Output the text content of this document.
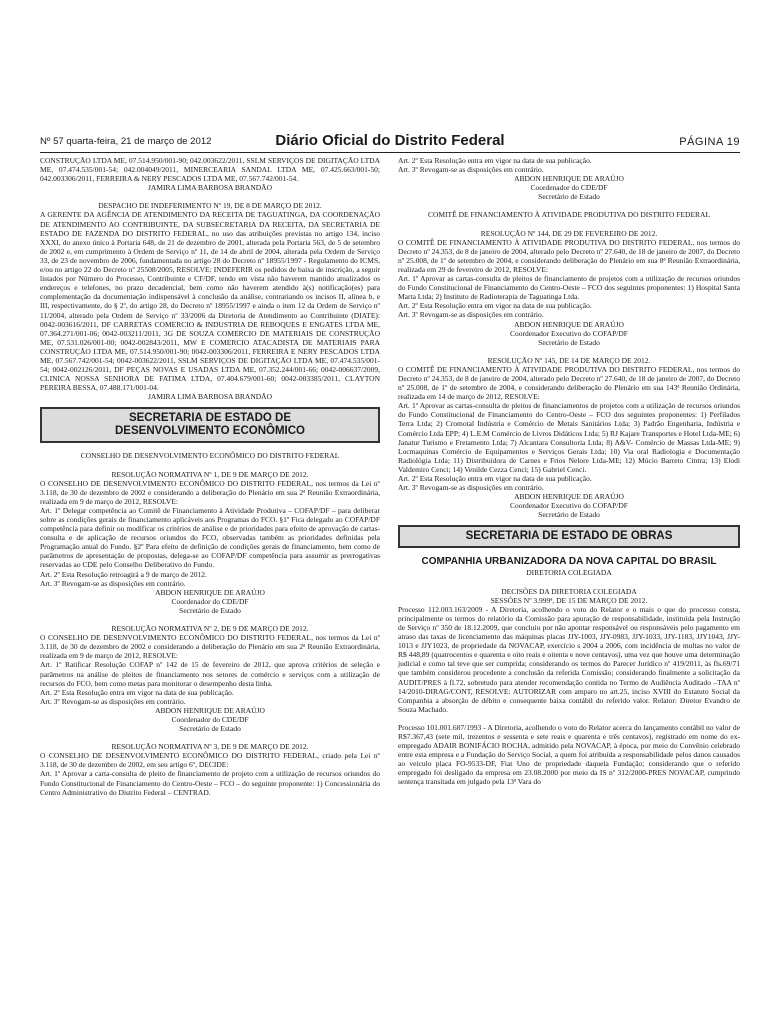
Nº 57 quarta-feira, 21 de março de 2012	Diário Oficial do Distrito Federal	PÁGINA 19

CONSTRUÇÃO LTDA ME, 07.514.950/001-90; 042.003622/2011, SSLM SERVIÇOS DE DIGITAÇÃO LTDA ME, 07.474.535/001-54; 042.004049/2011, MINERCEARIA SANDAL LTDA ME, 07.425.663/001-50; 042.003306/2011, FERREIRA & NERY PESCADOS LTDA ME, 07.567.742/001-54.

JAMIRA LIMA BARBOSA BRANDÃO

DESPACHO DE INDEFERIMENTO Nº 19, DE 8 DE MARÇO DE 2012.

A GERENTE DA AGÊNCIA DE ATENDIMENTO DA RECEITA DE TAGUATINGA, DA COORDENAÇÃO DE ATENDIMENTO AO CONTRIBUINTE, DA SUBSECRETARIA DA RECEITA, DA SECRETARIA DE ESTADO DE FAZENDA DO DISTRITO FEDERAL, no uso das atribuições previstas no artigo 134, inciso XXXI, do anexo único à Portaria 648, de 21 de dezembro de 2001, alterada pela Portaria 563, de 5 de setembro de 2002 e, em cumprimento à Ordem de Serviço nº 11, de 14 de abril de 2004, alterada pela Ordem de Serviço 33, de 23 de novembro de 2006, fundamentada no artigo 28 do Decreto nº 18955/1997 - Regulamento do ICMS, e/ou no artigo 22 do Decreto nº 25508/2005, RESOLVE: INDEFERIR os pedidos de baixa de inscrição, a seguir listados por Número do Processo, Contribuinte e CF/DF, tendo em vista não haverem mantido atualizados os endereços e telefones, no prazo decadencial, bem como não haverem atendido à(s) notificação(es) para complementação da documentação indispensável à conclusão da análise, contrariando os incisos II, alínea b, e III, respectivamente, do § 2º, do artigo 28, do Decreto nº 18955/1997 e ainda o item 12 da Ordem de Serviço nº 11/2004, alterado pela Ordem de Serviço nº 33/2006 da Diretoria de Atendimento ao Contribuinte (DIATE): 0042-003616/2011, DF CARRETAS COMERCIO & INDUSTRIA DE REBOQUES E ENGATES LTDA ME, 07.364.271/001-06; 0042-003211/2011, 3G DE SOUZA COMERCIO DE MATERIAIS DE CONSTRUÇÃO ME, 07.531.026/001-00; 0042-002843/2011, MW E COMERCIO ATACADISTA DE MATERIAIS PARA CONSTRUÇÃO LTDA ME, 07.514.950/001-90; 0042-003306/2011, FERREIRA E NERY PESCADOS LTDA ME, 07.567.742/001-54; 0042-003622/2011, SSLM SERVIÇOS DE DIGITAÇÃO LTDA ME, 07.474.535/001-54; 0042-002126/2011, DF PEÇAS NOVAS E USADAS LTDA ME, 07.352.244/001-66; 0042-006637/2009, CLINICA NOSSA SENHORA DE FATIMA LTDA, 07.404.679/001-60; 0042-003385/2011, CLAYTON PEREIRA BESSA, 07.488.171/001-04.

JAMIRA LIMA BARBOSA BRANDÃO

SECRETARIA DE ESTADO DE
DESENVOLVIMENTO ECONÔMICO

CONSELHO DE DESENVOLVIMENTO ECONÔMICO DO DISTRITO FEDERAL

RESOLUÇÃO NORMATIVA Nº 1, DE 9 DE MARÇO DE 2012.

O CONSELHO DE DESENVOLVIMENTO ECONÔMICO DO DISTRITO FEDERAL, nos termos da Lei nº 3.118, de 30 de dezembro de 2002 e considerando a deliberação do Plenário em sua 2ª Reunião Extraordinária, realizada em 9 de março de 2012, RESOLVE:

Art. 1º Delegar competência ao Comitê de Financiamento à Atividade Produtiva – COFAP/DF – para deliberar sobre as condições gerais de financiamento aplicáveis aos Programas do FCO. §1º Fica delegado ao COFAP/DF competência para definir ou modificar os critérios de análise e de prioridades para efeito de aprovação de cartas-consulta e de aplicação de recursos oriundos do FCO, observadas também as prioridades definidas pela Programação anual do Fundo. §2º Para efeito de definição de condições gerais de financiamento, bem como de parâmetros de apresentação de propostas, delega-se ao COFAP/DF competência para assumir as prerrogativas reservadas ao CDE pelo Conselho Deliberativo do Fundo.

Art. 2º Esta Resolução retroagirá a 9 de março de 2012.

Art. 3º Revogam-se as disposições em contrário.

ABDON HENRIQUE DE ARAÚJO

Coordenador do CDE/DF

Secretário de Estado

RESOLUÇÃO NORMATIVA Nº 2, DE 9 DE MARÇO DE 2012.

O CONSELHO DE DESENVOLVIMENTO ECONÔMICO DO DISTRITO FEDERAL, nos termos da Lei nº 3.118, de 30 de dezembro de 2002 e considerando a deliberação do Plenário em sua 2ª Reunião Extraordinária, realizada em 9 de março de 2012, RESOLVE:

Art. 1º Ratificar Resolução COFAP nº 142 de 15 de fevereiro de 2012, que aprova critérios de seleção e parâmetros na análise de pleitos de financiamento nos setores de comércio e serviços com a utilização de recursos do FCO, bem como metas para monitorar o desempenho desta linha.

Art. 2º Esta Resolução entra em vigor na data de sua publicação.

Art. 3º Revogam-se as disposições em contrário.

ABDON HENRIQUE DE ARAÚJO

Coordenador do CDE/DF

Secretário de Estado

RESOLUÇÃO NORMATIVA Nº 3, DE 9 DE MARÇO DE 2012.

O CONSELHO DE DESENVOLVIMENTO ECONÔMICO DO DISTRITO FEDERAL, criado pela Lei nº 3.118, de 30 de dezembro de 2002, em seu artigo 6º, DECIDE:

Art. 1º Aprovar a carta-consulta de pleito de financiamento de projeto com a utilização de recursos oriundos do Fundo Constitucional de Financiamento do Centro-Oeste – FCO – do seguinte proponente: 1) Concessionária do Centro Administrativo do Distrito Federal – CENTRAD.

Art. 2º Esta Resolução entra em vigor na data de sua publicação.

Art. 3º Revogam-se as disposições em contrário.

ABDON HENRIQUE DE ARAÚJO

Coordenador do CDE/DF

Secretário de Estado

COMITÊ DE FINANCIAMENTO À ATIVIDADE PRODUTIVA DO DISTRITO FEDERAL

RESOLUÇÃO Nº 144, DE 29 DE FEVEREIRO DE 2012.

O COMITÊ DE FINANCIAMENTO À ATIVIDADE PRODUTIVA DO DISTRITO FEDERAL, nos termos do Decreto nº 24.353, de 8 de janeiro de 2004, alterado pelo Decreto nº 27.640, de 18 de janeiro de 2007, do Decreto nº 25.008, de 1º de setembro de 2004, e considerando deliberação do Plenário em sua 8ª Reunião Extraordinária, realizada em 29 de fevereiro de 2012, RESOLVE:

Art. 1º Aprovar as cartas-consulta de pleitos de financiamento de projetos com a utilização de recursos oriundos do Fundo Constitucional de Financiamento do Centro-Oeste – FCO dos seguintes proponentes: 1) Hospital Santa Marta Ltda; 2) Instituto de Radioterapia de Taguatinga Ltda.

Art. 2º Esta Resolução entra em vigor na data de sua publicação.

Art. 3º Revogam-se as disposições em contrário.

ABDON HENRIQUE DE ARAÚJO

Coordenador Executivo do COFAP/DF

Secretário de Estado

RESOLUÇÃO Nº 145, DE 14 DE MARÇO DE 2012.

O COMITÊ DE FINANCIAMENTO À ATIVIDADE PRODUTIVA DO DISTRITO FEDERAL, nos termos do Decreto nº 24.353, de 8 de janeiro de 2004, alterado pelo Decreto nº 27.640, de 18 de janeiro de 2007, do Decreto nº 25.008, de 1º de setembro de 2004, e considerando deliberação do Plenário em sua 143ª Reunião Ordinária, realizada em 14 de março de 2012, RESOLVE:

Art. 1º Aprovar as cartas-consulta de pleitos de financiamentos de projetos com a utilização de recursos oriundos do Fundo Constitucional de Financiamento do Centro-Oeste – FCO dos seguintes proponentes: 1) Perfilados Terra Ltda; 2) Cromotal Indústria e Comércio de Metais Sanitários Ltda; 3) Padrão Engenharia, Indústria e Comércio Ltda EPP; 4) L.E.M Comércio de Livros Didáticos Ltda; 5) RJ Kajare Transportes e Hotel Ltda-ME; 6) Janatur Turismo e Fretamento Ltda; 7) Alcantara Consultoria Ltda; 8) A&V- Comércio de Massas Ltda-ME; 9) Locmaquinas Comércio de Equipamentos e Serviços Gerais Ltda; 10) Via oral Radiologia e Documentação Radiológia Ltda; 11) Distribuidora de Carnes e Frios Nelore Ltda-ME; 12) Múcio Barreto Cintra; 13) Elodi Valdemiro Cenci; 14) Venilde Cezza Cenci; 15) Gabriel Cenci.

Art. 2º Esta Resolução entra em vigor na data de sua publicação.

Art. 3º Revogam-se as disposições em contrário.

ABDON HENRIQUE DE ARAÚJO

Coordenador Executivo do COFAP/DF

Secretário de Estado

SECRETARIA DE ESTADO DE OBRAS
COMPANHIA URBANIZADORA DA NOVA CAPITAL DO BRASIL

DIRETORIA COLEGIADA

DECISÕES DA DIRETORIA COLEGIADA

SESSÕES Nº 3.999ª, DE 15 DE MARÇO DE 2012.

Processo 112.003.163/2009 - A Diretoria, acolhendo o voto do Relator e o mais o que do processo consta, principalmente os termos do relatório da Comissão para apuração de responsabilidade, instituída pela Instrução de Serviço nº 350 de 18.12.2009, que concluiu por não apontar responsável ou responsáveis pelo pagamento em atraso das taxas de licenciamento das máquinas placas JJY-1003, JJY-0983, JJY-1033, JJY-1183, JJY1043, JJY-1013 e JJY1023, de propriedade da NOVACAP, exercício s 2004 a 2006, com incidência de multas no valor de R$ 448,89 (quatrocentos e quarenta e oito reais e oitenta e nove centavos), uma vez que houve uma determinação judicial e como tal teve que ser cumprida; considerando os termos do Parecer Jurídico nº 419/2011, às fls.69/71 que também considerou procedente a conclusão da referida Comissão; considerando finalmente a solicitação da AUDIT/PRES à fl.72, sobretudo para atender recomendação contida no Termo de Audiência Auditado –TAA nº 14/2010-DIRAG/CONT, RESOLVE: AUTORIZAR com amparo no art.25, inciso XVIII do Estatuto Social da Companhia a absorção de débito e consequente baixa contábil do referido valor. Relator: Diretor Evandro de Souza Machado.

Processo 101.001.687/1993 - A Diretoria, acolhendo o voto do Relator acerca do lançamento contábil no valor de R$7.367,43 (sete mil, trezentos e sessenta e sete reais e quarenta e três centavos), registrado em nome do ex- empregado ADAIR BONIFÁCIO ROCHA, admitido pela NOVACAP, à época, por meio do Convênio celebrado entre esta empresa e a Fundação do Serviço Social, a quem foi atribuída a responsabilidade pelos danos causados ao veículo placa FO-9533-DF, Fiat Uno de propriedade daquela Fundação; considerando que o referido empregado foi desligado da empresa em 23.08.2000 por meio da IS nº 312/2000-PRES NOVACAP, cumprindo sentença transitada em julgado pela 13ª Vara do
